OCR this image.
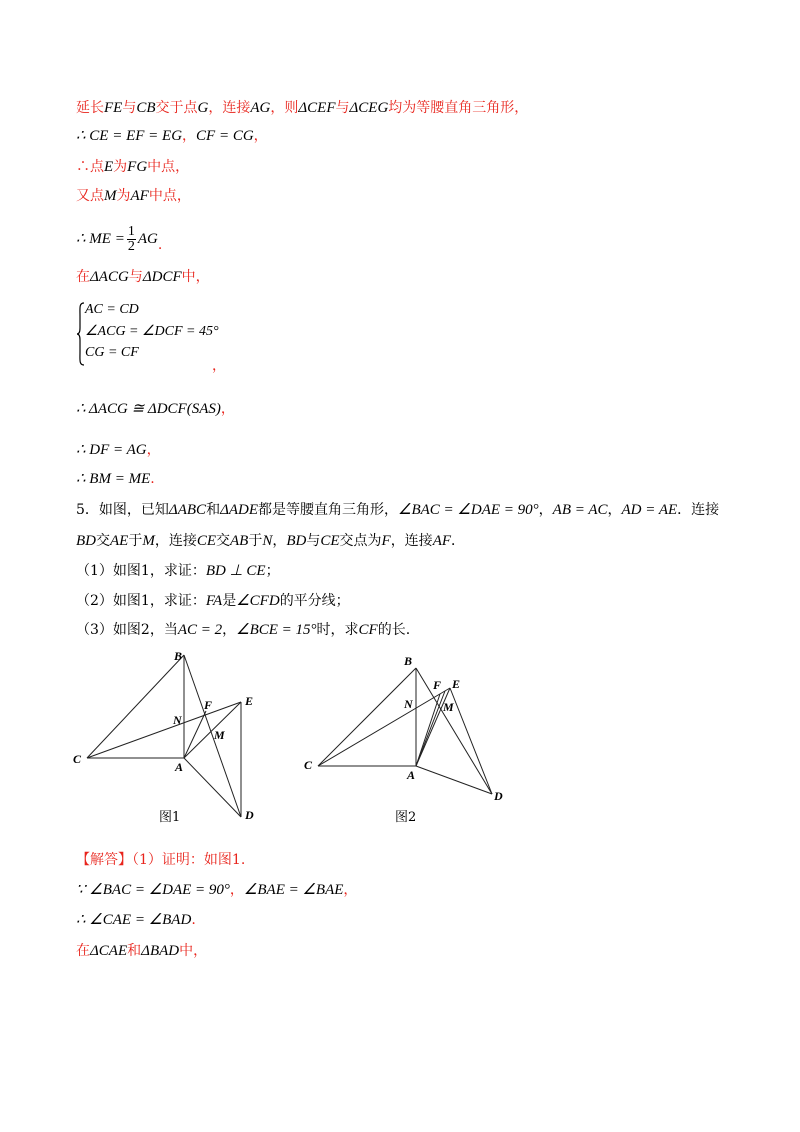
延长FE与CB交于点G，连接AG，则ΔCEF与ΔCEG均为等腰直角三角形，
∴ CE = EF = EG，CF = CG，
∴点E为FG中点，
又点M为AF中点，
∴ ME = $\frac{1}{2}$ AG.
在ΔACG与ΔDCF中，
AC = CD
∠ACG = ∠DCF = 45°
CG = CF
，
∴ ΔACG ≅ ΔDCF(SAS)，
∴ DF = AG，
∴ BM = ME.
5．如图，已知ΔABC和ΔADE都是等腰直角三角形，∠BAC = ∠DAE = 90°，AB = AC，AD = AE．连接
BD交AE于M，连接CE交AB于N，BD与CE交点为F，连接AF．
（1）如图1，求证：BD ⊥ CE；
（2）如图1，求证：FA是∠CFD的平分线；
（3）如图2，当AC = 2，∠BCE = 15°时，求CF的长.
B
N
F	E
M
C
A
D
图1
B
N
F E
M
C
A
D
图2
【解答】（1）证明：如图1.
∵ ∠BAC = ∠DAE = 90°，∠BAE = ∠BAE，
∴ ∠CAE = ∠BAD.
在ΔCAE和ΔBAD中，
